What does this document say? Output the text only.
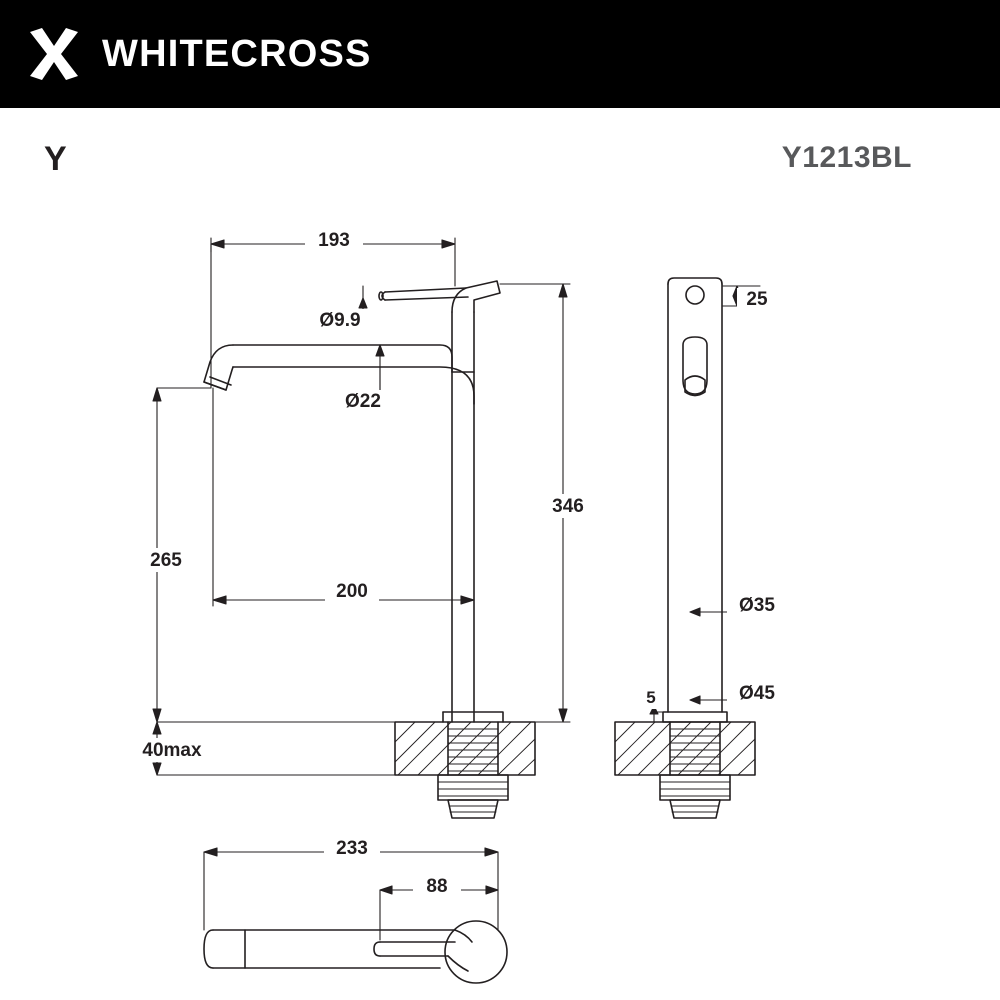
WHITECROSS
Y	Y1213BL
193
Ø9.9
Ø22
346
265
200
40max
25
Ø35
Ø45
5
233
88
